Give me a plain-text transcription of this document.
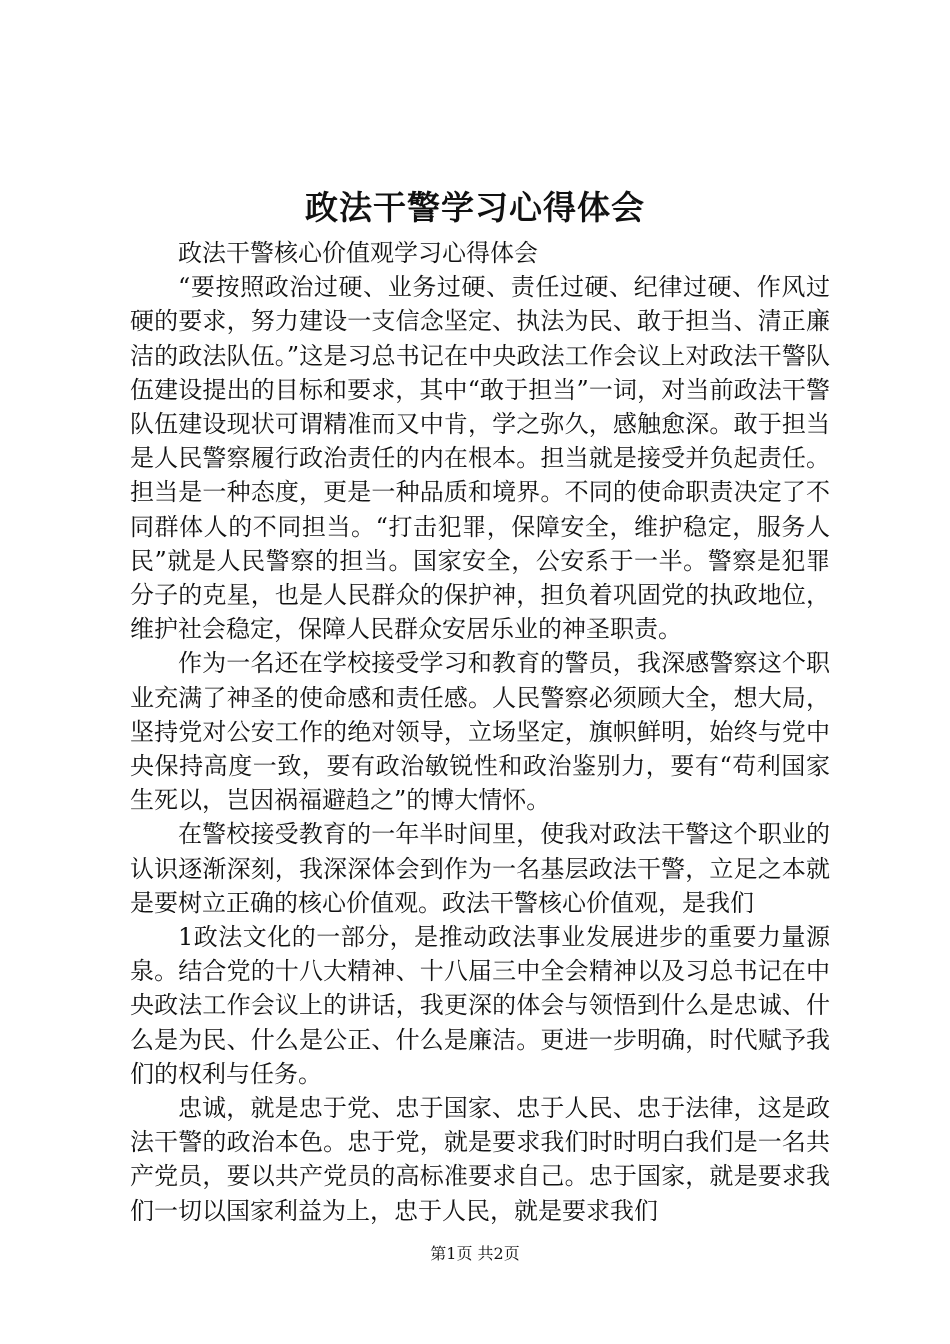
政法干警学习心得体会

政法干警核心价值观学习心得体会

“要按照政治过硬、业务过硬、责任过硬、纪律过硬、作风过硬的要求，努力建设一支信念坚定、执法为民、敢于担当、清正廉洁的政法队伍。”这是习总书记在中央政法工作会议上对政法干警队伍建设提出的目标和要求，其中“敢于担当”一词，对当前政法干警队伍建设现状可谓精准而又中肯，学之弥久，感触愈深。敢于担当是人民警察履行政治责任的内在根本。担当就是接受并负起责任。担当是一种态度，更是一种品质和境界。不同的使命职责决定了不同群体人的不同担当。“打击犯罪，保障安全，维护稳定，服务人民”就是人民警察的担当。国家安全，公安系于一半。警察是犯罪分子的克星，也是人民群众的保护神，担负着巩固党的执政地位，维护社会稳定，保障人民群众安居乐业的神圣职责。

作为一名还在学校接受学习和教育的警员，我深感警察这个职业充满了神圣的使命感和责任感。人民警察必须顾大全，想大局，坚持党对公安工作的绝对领导，立场坚定，旗帜鲜明，始终与党中央保持高度一致，要有政治敏锐性和政治鉴别力，要有“苟利国家生死以，岂因祸福避趋之”的博大情怀。

在警校接受教育的一年半时间里，使我对政法干警这个职业的认识逐渐深刻，我深深体会到作为一名基层政法干警，立足之本就是要树立正确的核心价值观。政法干警核心价值观，是我们

1政法文化的一部分，是推动政法事业发展进步的重要力量源泉。结合党的十八大精神、十八届三中全会精神以及习总书记在中央政法工作会议上的讲话，我更深的体会与领悟到什么是忠诚、什么是为民、什么是公正、什么是廉洁。更进一步明确，时代赋予我们的权利与任务。

忠诚，就是忠于党、忠于国家、忠于人民、忠于法律，这是政法干警的政治本色。忠于党，就是要求我们时时明白我们是一名共产党员，要以共产党员的高标准要求自己。忠于国家，就是要求我们一切以国家利益为上，忠于人民，就是要求我们

第1页 共2页
